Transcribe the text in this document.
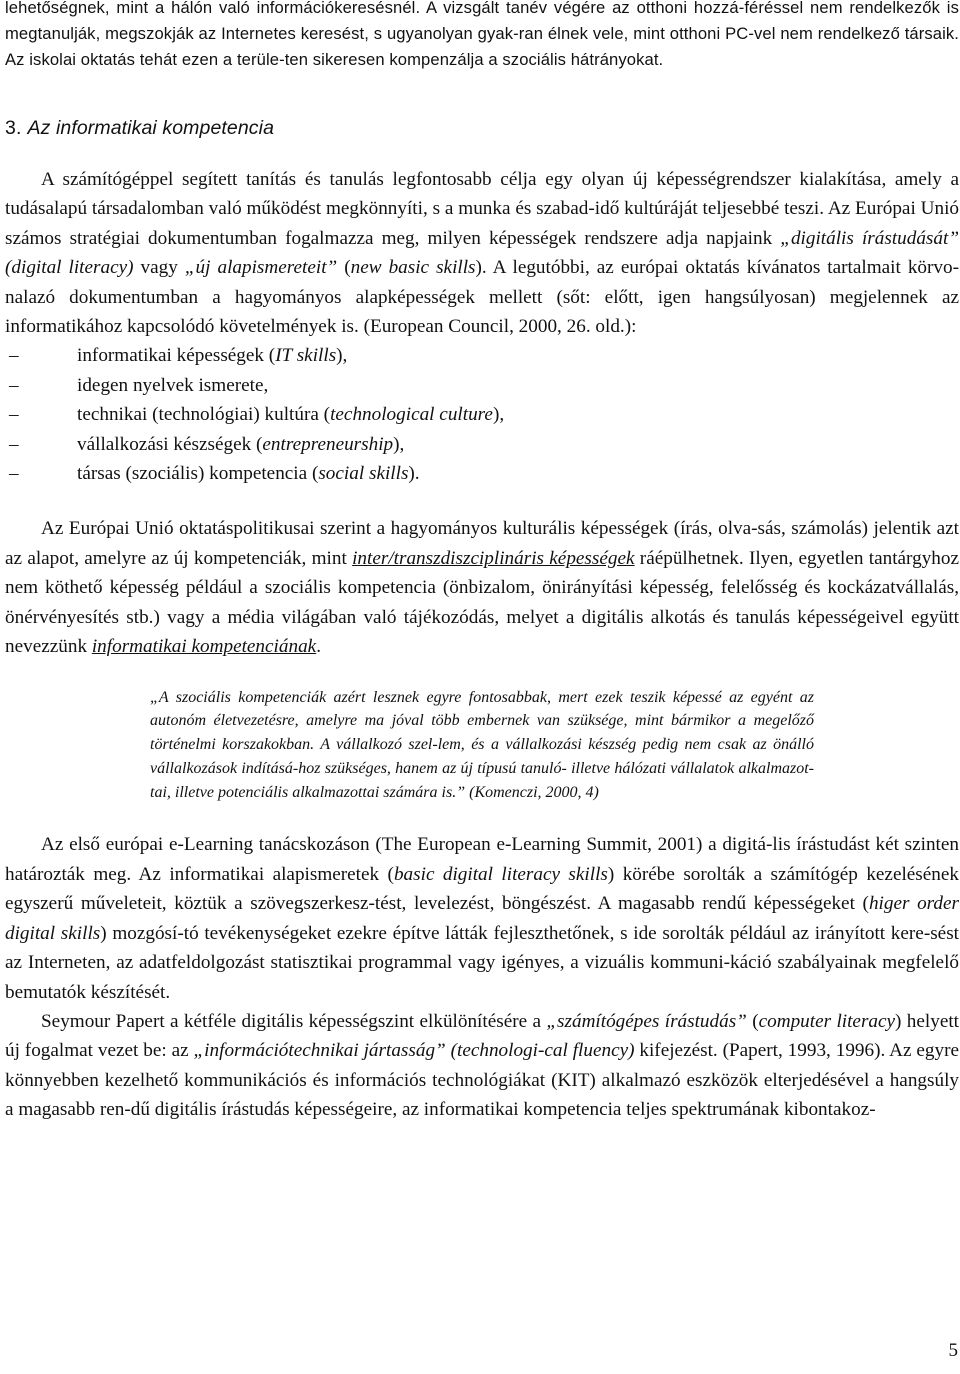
lehetőségnek, mint a hálón való információkeresésnél. A vizsgált tanév végére az otthoni hozzá-féréssel nem rendelkezők is megtanulják, megszokják az Internetes keresést, s ugyanolyan gyak-ran élnek vele, mint otthoni PC-vel nem rendelkező társaik. Az iskolai oktatás tehát ezen a terüle-ten sikeresen kompenzálja a szociális hátrányokat.

3. Az informatikai kompetencia

A számítógéppel segített tanítás és tanulás legfontosabb célja egy olyan új képességrendszer kialakítása, amely a tudásalapú társadalomban való működést megkönnyíti, s a munka és szabad-idő kultúráját teljesebbé teszi. Az Európai Unió számos stratégiai dokumentumban fogalmazza meg, milyen képességek rendszere adja napjaink „digitális írástudását” (digital literacy) vagy „új alapismereteit” (new basic skills). A legutóbbi, az európai oktatás kívánatos tartalmait körvo-nalazó dokumentumban a hagyományos alapképességek mellett (sőt: előtt, igen hangsúlyosan) megjelennek az informatikához kapcsolódó követelmények is. (European Council, 2000, 26. old.):

–	informatikai képességek (IT skills),
–	idegen nyelvek ismerete,
–	technikai (technológiai) kultúra (technological culture),
–	vállalkozási készségek (entrepreneurship),
–	társas (szociális) kompetencia (social skills).

Az Európai Unió oktatáspolitikusai szerint a hagyományos kulturális képességek (írás, olva-sás, számolás) jelentik azt az alapot, amelyre az új kompetenciák, mint inter/transzdiszciplináris képességek ráépülhetnek. Ilyen, egyetlen tantárgyhoz nem köthető képesség például a szociális kompetencia (önbizalom, önirányítási képesség, felelősség és kockázatvállalás, önérvényesítés stb.) vagy a média világában való tájékozódás, melyet a digitális alkotás és tanulás képességeivel együtt nevezzünk informatikai kompetenciának.

„A szociális kompetenciák azért lesznek egyre fontosabbak, mert ezek teszik képessé az egyént az autonóm életvezetésre, amelyre ma jóval több embernek van szüksége, mint bármikor a megelőző történelmi korszakokban. A vállalkozó szel-lem, és a vállalkozási készség pedig nem csak az önálló vállalkozások indításá-hoz szükséges, hanem az új típusú tanuló- illetve hálózati vállalatok alkalmazot-tai, illetve potenciális alkalmazottai számára is.” (Komenczi, 2000, 4)

Az első európai e-Learning tanácskozáson (The European e-Learning Summit, 2001) a digitá-lis írástudást két szinten határozták meg. Az informatikai alapismeretek (basic digital literacy skills) körébe sorolták a számítógép kezelésének egyszerű műveleteit, köztük a szövegszerkesz-tést, levelezést, böngészést. A magasabb rendű képességeket (higer order digital skills) mozgósí-tó tevékenységeket ezekre építve látták fejleszthetőnek, s ide sorolták például az irányított kere-sést az Interneten, az adatfeldolgozást statisztikai programmal vagy igényes, a vizuális kommuni-káció szabályainak megfelelő bemutatók készítését.

Seymour Papert a kétféle digitális képességszint elkülönítésére a „számítógépes írástudás” (computer literacy) helyett új fogalmat vezet be: az „információtechnikai jártasság” (technologi-cal fluency) kifejezést. (Papert, 1993, 1996). Az egyre könnyebben kezelhető kommunikációs és információs technológiákat (KIT) alkalmazó eszközök elterjedésével a hangsúly a magasabb ren-dű digitális írástudás képességeire, az informatikai kompetencia teljes spektrumának kibontakoz-

5
